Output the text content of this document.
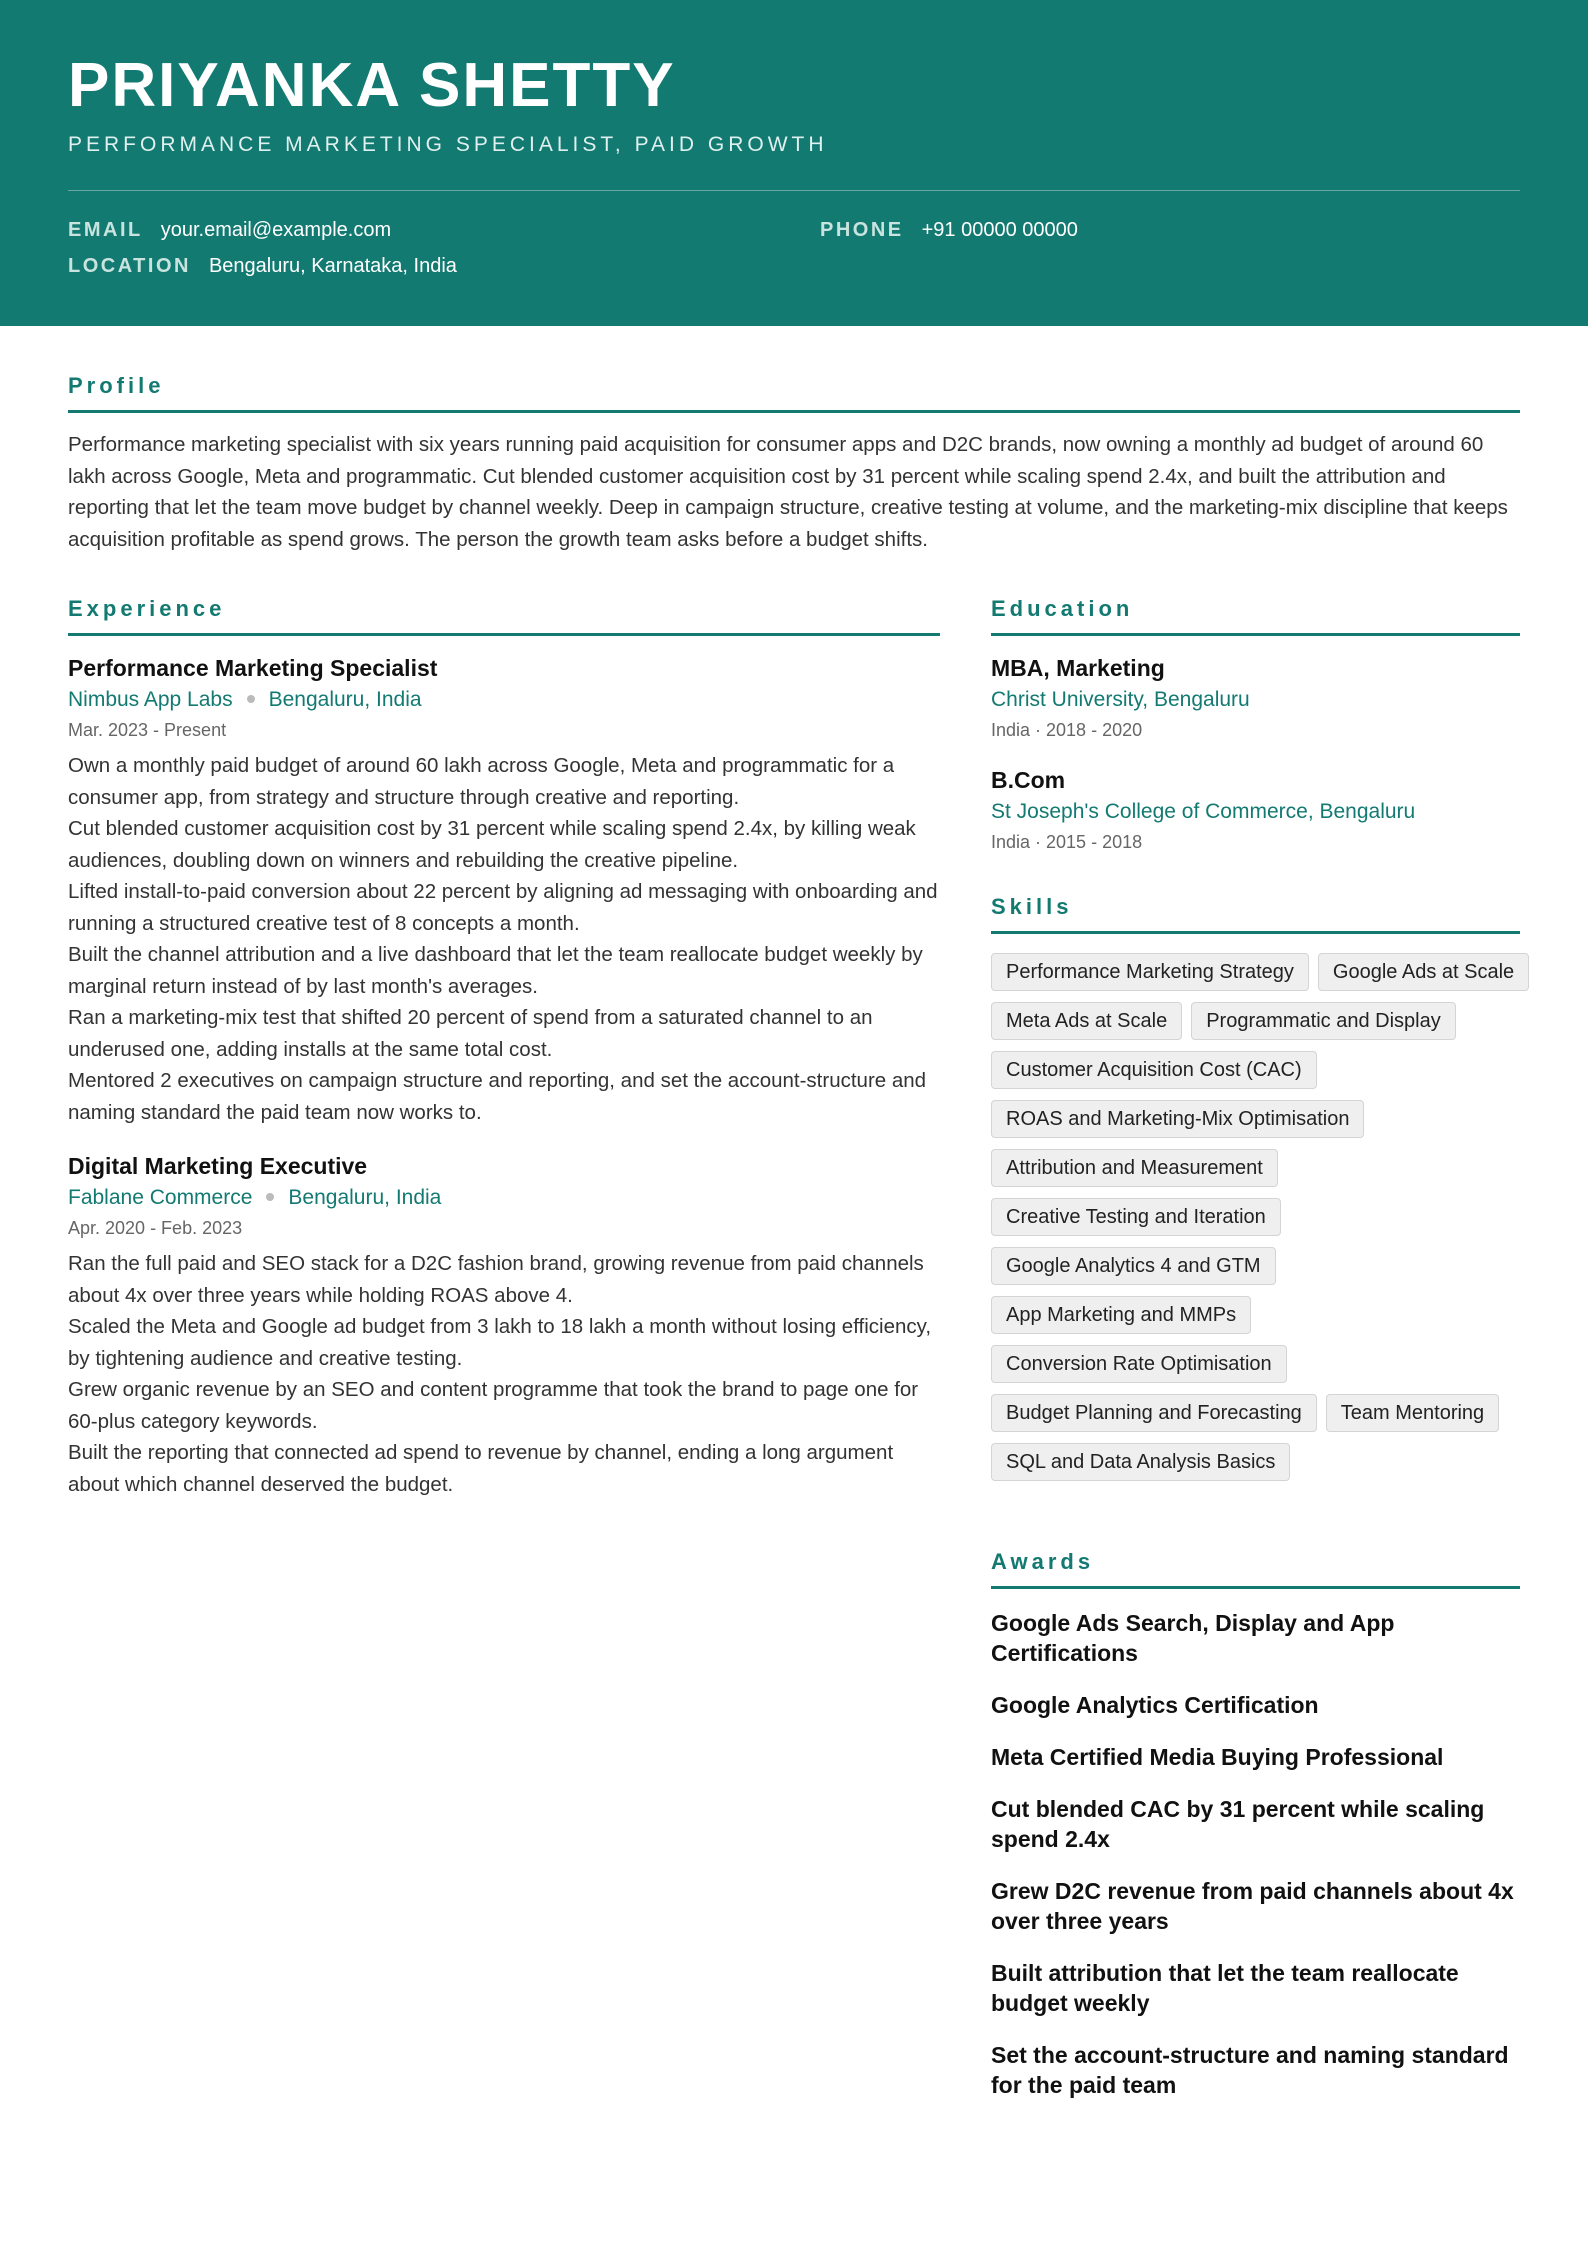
PRIYANKA SHETTY
PERFORMANCE MARKETING SPECIALIST, PAID GROWTH
EMAIL your.email@example.com	PHONE +91 00000 00000
LOCATION Bengaluru, Karnataka, India
Profile
Performance marketing specialist with six years running paid acquisition for consumer apps and D2C brands, now owning a monthly ad budget of around 60 lakh across Google, Meta and programmatic. Cut blended customer acquisition cost by 31 percent while scaling spend 2.4x, and built the attribution and reporting that let the team move budget by channel weekly. Deep in campaign structure, creative testing at volume, and the marketing-mix discipline that keeps acquisition profitable as spend grows. The person the growth team asks before a budget shifts.
Experience
Performance Marketing Specialist
Nimbus App Labs Bengaluru, India
Mar. 2023 - Present
Own a monthly paid budget of around 60 lakh across Google, Meta and programmatic for a consumer app, from strategy and structure through creative and reporting.
Cut blended customer acquisition cost by 31 percent while scaling spend 2.4x, by killing weak audiences, doubling down on winners and rebuilding the creative pipeline.
Lifted install-to-paid conversion about 22 percent by aligning ad messaging with onboarding and running a structured creative test of 8 concepts a month.
Built the channel attribution and a live dashboard that let the team reallocate budget weekly by marginal return instead of by last month's averages.
Ran a marketing-mix test that shifted 20 percent of spend from a saturated channel to an underused one, adding installs at the same total cost.
Mentored 2 executives on campaign structure and reporting, and set the account-structure and naming standard the paid team now works to.
Digital Marketing Executive
Fablane Commerce Bengaluru, India
Apr. 2020 - Feb. 2023
Ran the full paid and SEO stack for a D2C fashion brand, growing revenue from paid channels about 4x over three years while holding ROAS above 4.
Scaled the Meta and Google ad budget from 3 lakh to 18 lakh a month without losing efficiency, by tightening audience and creative testing.
Grew organic revenue by an SEO and content programme that took the brand to page one for 60-plus category keywords.
Built the reporting that connected ad spend to revenue by channel, ending a long argument about which channel deserved the budget.
Education
MBA, Marketing
Christ University, Bengaluru
India · 2018 - 2020
B.Com
St Joseph's College of Commerce, Bengaluru
India · 2015 - 2018
Skills
Performance Marketing Strategy	Google Ads at Scale
Meta Ads at Scale	Programmatic and Display
Customer Acquisition Cost (CAC)
ROAS and Marketing-Mix Optimisation
Attribution and Measurement
Creative Testing and Iteration
Google Analytics 4 and GTM
App Marketing and MMPs
Conversion Rate Optimisation
Budget Planning and Forecasting	Team Mentoring
SQL and Data Analysis Basics
Awards
Google Ads Search, Display and App Certifications
Google Analytics Certification
Meta Certified Media Buying Professional
Cut blended CAC by 31 percent while scaling spend 2.4x
Grew D2C revenue from paid channels about 4x over three years
Built attribution that let the team reallocate budget weekly
Set the account-structure and naming standard for the paid team
